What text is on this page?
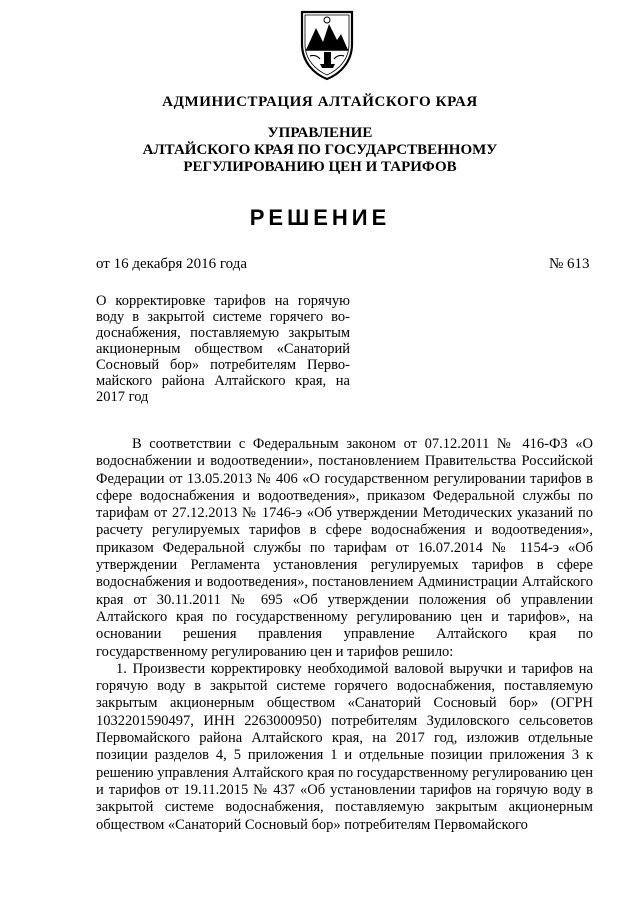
АДМИНИСТРАЦИЯ АЛТАЙСКОГО КРАЯ
УПРАВЛЕНИЕ
АЛТАЙСКОГО КРАЯ ПО ГОСУДАРСТВЕННОМУ
РЕГУЛИРОВАНИЮ ЦЕН И ТАРИФОВ
РЕШЕНИЕ
от 16 декабря 2016 года	№ 613

О корректировке тарифов на горячую
воду в закрытой системе горячего во-
доснабжения, поставляемую закрытым
акционерным обществом «Санаторий
Сосновый бор» потребителям Перво-
майского района Алтайского края, на
2017 год

В соответствии с Федеральным законом от 07.12.2011 № 416-ФЗ «О водоснабжении и водоотведении», постановлением Правительства Российской Федерации от 13.05.2013 № 406 «О государственном регулировании тарифов в сфере водоснабжения и водоотведения», приказом Федеральной службы по тарифам от 27.12.2013 № 1746-э «Об утверждении Методических указаний по расчету регулируемых тарифов в сфере водоснабжения и водоотведения», приказом Федеральной службы по тарифам от 16.07.2014 № 1154-э «Об утверждении Регламента установления регулируемых тарифов в сфере водоснабжения и водоотведения», постановлением Администрации Алтайского края от 30.11.2011 № 695 «Об утверждении положения об управлении Алтайского края по государственному регулированию цен и тарифов», на основании решения правления управление Алтайского края по государственному регулированию цен и тарифов решило:

1. Произвести корректировку необходимой валовой выручки и тарифов на горячую воду в закрытой системе горячего водоснабжения, поставляемую закрытым акционерным обществом «Санаторий Сосновый бор» (ОГРН 1032201590497, ИНН 2263000950) потребителям Зудиловского сельсоветов Первомайского района Алтайского края, на 2017 год, изложив отдельные позиции разделов 4, 5 приложения 1 и отдельные позиции приложения 3 к решению управления Алтайского края по государственному регулированию цен и тарифов от 19.11.2015 № 437 «Об установлении тарифов на горячую воду в закрытой системе водоснабжения, поставляемую закрытым акционерным обществом «Санаторий Сосновый бор» потребителям Первомайского
